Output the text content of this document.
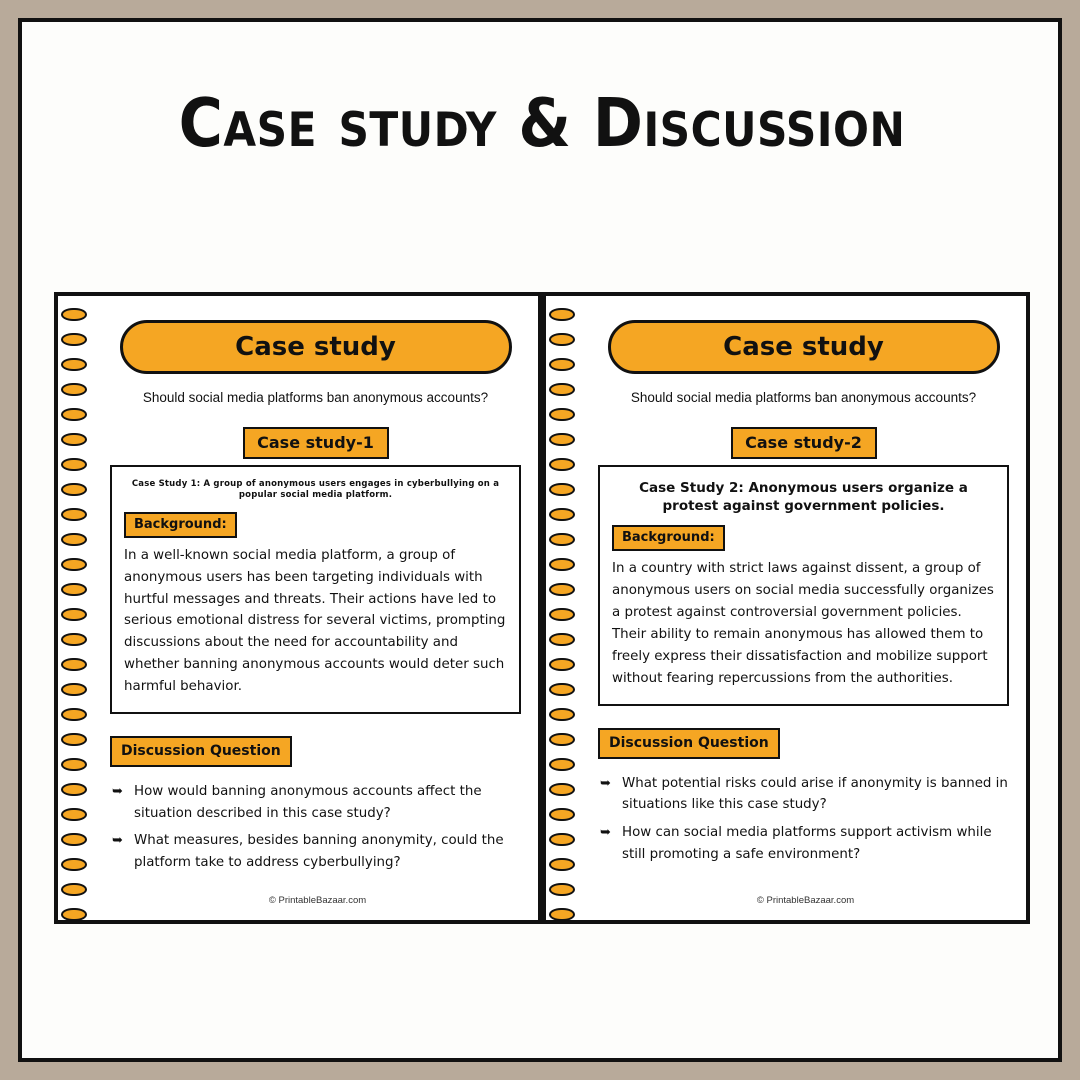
Case study & Discussion
Case study
Should social media platforms ban anonymous accounts?
Case study-1
Case Study 1: A group of anonymous users engages in cyberbullying on a popular social media platform.
Background:
In a well-known social media platform, a group of anonymous users has been targeting individuals with hurtful messages and threats. Their actions have led to serious emotional distress for several victims, prompting discussions about the need for accountability and whether banning anonymous accounts would deter such harmful behavior.
Discussion Question
➥ How would banning anonymous accounts affect the situation described in this case study?
➥ What measures, besides banning anonymity, could the platform take to address cyberbullying?
© PrintableBazaar.com
Case study
Should social media platforms ban anonymous accounts?
Case study-2
Case Study 2: Anonymous users organize a protest against government policies.
Background:
In a country with strict laws against dissent, a group of anonymous users on social media successfully organizes a protest against controversial government policies. Their ability to remain anonymous has allowed them to freely express their dissatisfaction and mobilize support without fearing repercussions from the authorities.
Discussion Question
➥ What potential risks could arise if anonymity is banned in situations like this case study?
➥ How can social media platforms support activism while still promoting a safe environment?
© PrintableBazaar.com
